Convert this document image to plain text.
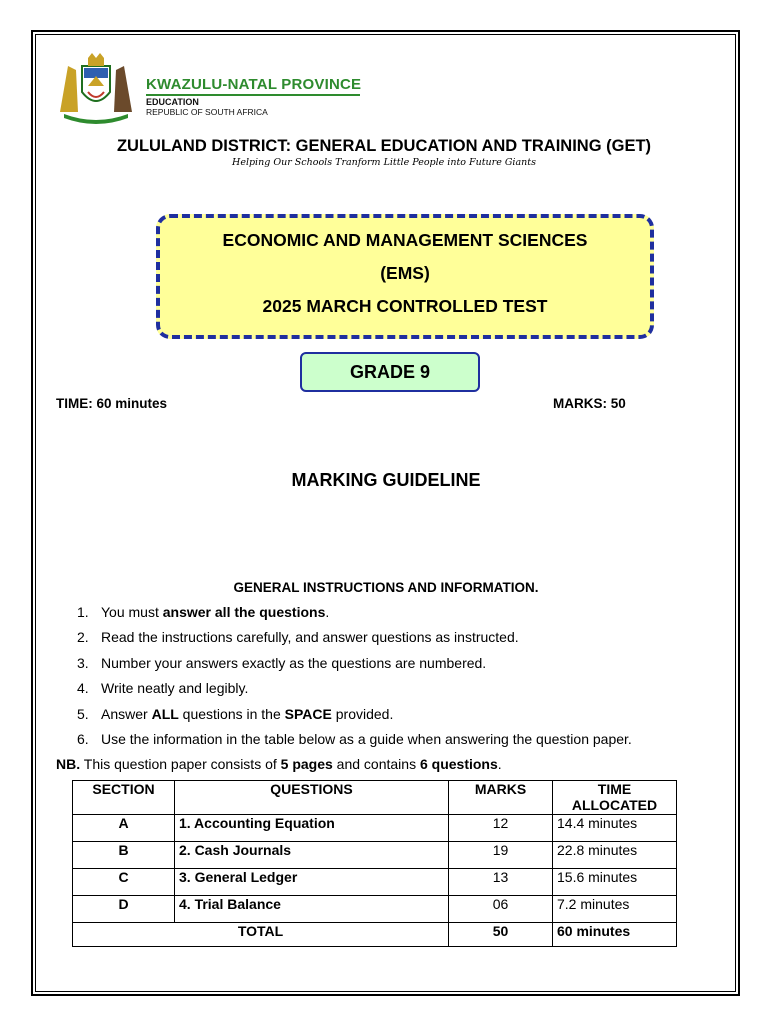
KWAZULU-NATAL PROVINCE
EDUCATION
REPUBLIC OF SOUTH AFRICA
ZULULAND DISTRICT: GENERAL EDUCATION AND TRAINING (GET)
Helping Our Schools Tranform Little People into Future Giants
ECONOMIC AND MANAGEMENT SCIENCES
(EMS)
2025 MARCH CONTROLLED TEST
GRADE 9
TIME: 60 minutes	MARKS: 50
MARKING GUIDELINE
GENERAL INSTRUCTIONS AND INFORMATION.
1. You must answer all the questions.
2. Read the instructions carefully, and answer questions as instructed.
3. Number your answers exactly as the questions are numbered.
4. Write neatly and legibly.
5. Answer ALL questions in the SPACE provided.
6. Use the information in the table below as a guide when answering the question paper.
NB. This question paper consists of 5 pages and contains 6 questions.
SECTION	QUESTIONS	MARKS	TIME ALLOCATED
A	1. Accounting Equation	12	14.4 minutes
B	2. Cash Journals	19	22.8 minutes
C	3. General Ledger	13	15.6 minutes
D	4. Trial Balance	06	7.2 minutes
TOTAL		50	60 minutes
